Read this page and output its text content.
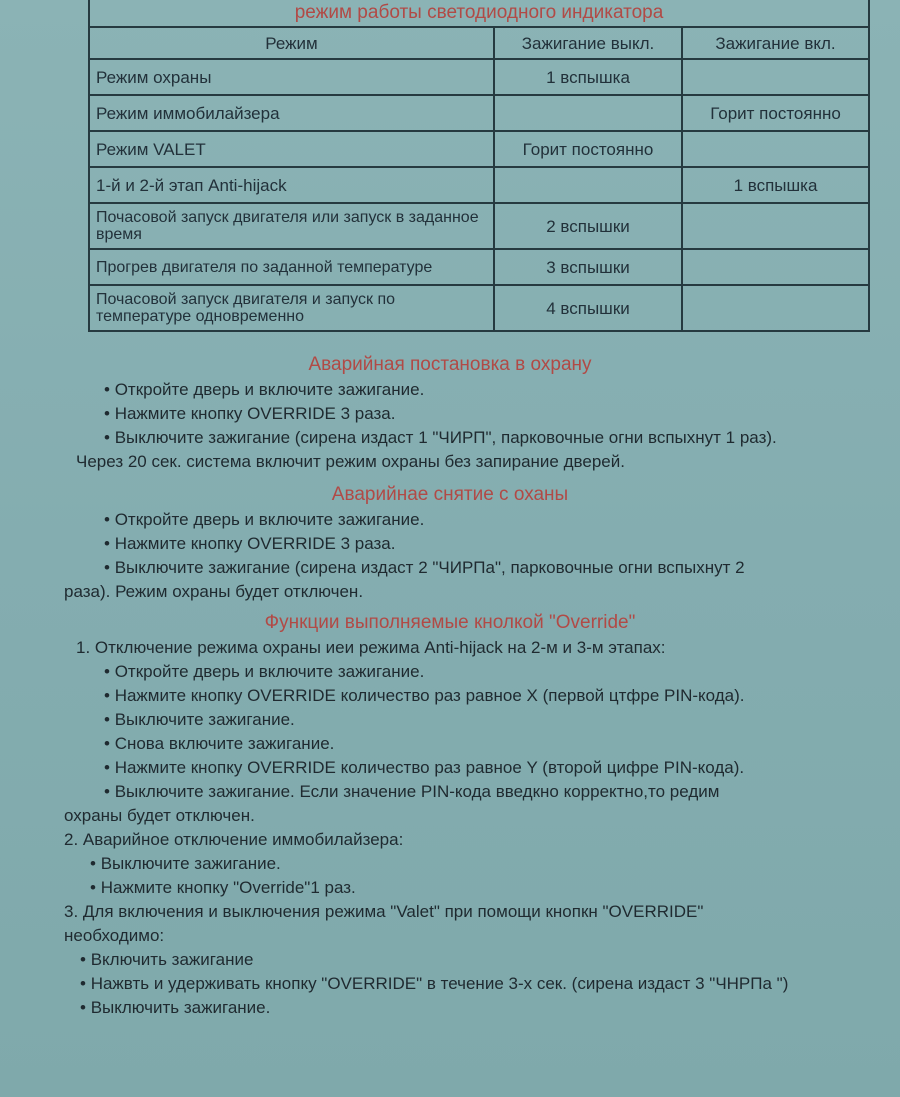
режим работы светодиодного индикатора		
Режим	Зажигание выкл.	Зажигание вкл.
Режим охраны	1 вспышка	
Режим иммобилайзера		Горит постоянно
Режим VALET	Горит постоянно	
1-й и 2-й этап Anti-hijack		1 вспышка
Почасовой запуск двигателя или запуск в заданное время	2 вспышки	
Прогрев двигателя по заданной температуре	3 вспышки	
Почасовой запуск двигателя и запуск по температуре одновременно	4 вспышки	
Аварийная постановка в охрану
• Откройте дверь и включите зажигание.
• Нажмите кнопку OVERRIDE 3 раза.
• Выключите зажигание (сирена издаст 1 "ЧИРП", парковочные огни вспыхнут 1 раз).
Через 20 сек. система включит режим охраны без запирание дверей.
Аварийнае снятие с оханы
• Откройте дверь и включите зажигание.
• Нажмите кнопку OVERRIDE 3 раза.
• Выключите зажигание (сирена издаст 2 "ЧИРПа", парковочные огни вспыхнут 2
раза). Режим охраны будет отключен.
Функции выполняемые кнолкой "Override"
1. Отключение режима охраны иеи режима Anti-hijack на 2-м и 3-м этапах:
• Откройте дверь и включите зажигание.
• Нажмите кнопку OVERRIDE количество раз равное X (первой цтфре PIN-кода).
• Выключите зажигание.
• Снова включите зажигание.
• Нажмите кнопку OVERRIDE количество раз равное Y (второй цифре PIN-кода).
• Выключите зажигание. Если значение PIN-кода введкно корректно,то редим
охраны будет отключен.
2. Аварийное отключение иммобилайзера:
• Выключите зажигание.
• Нажмите кнопку "Override"1 раз.
3. Для включения и выключения режима "Valet" при помощи кнопкн "OVERRIDE"
необходимо:
• Включить зажигание
• Нажвть и удерживать кнопку "OVERRIDE" в течение 3-х сек. (сирена издаст 3 "ЧНРПа ")
• Выключить зажигание.
